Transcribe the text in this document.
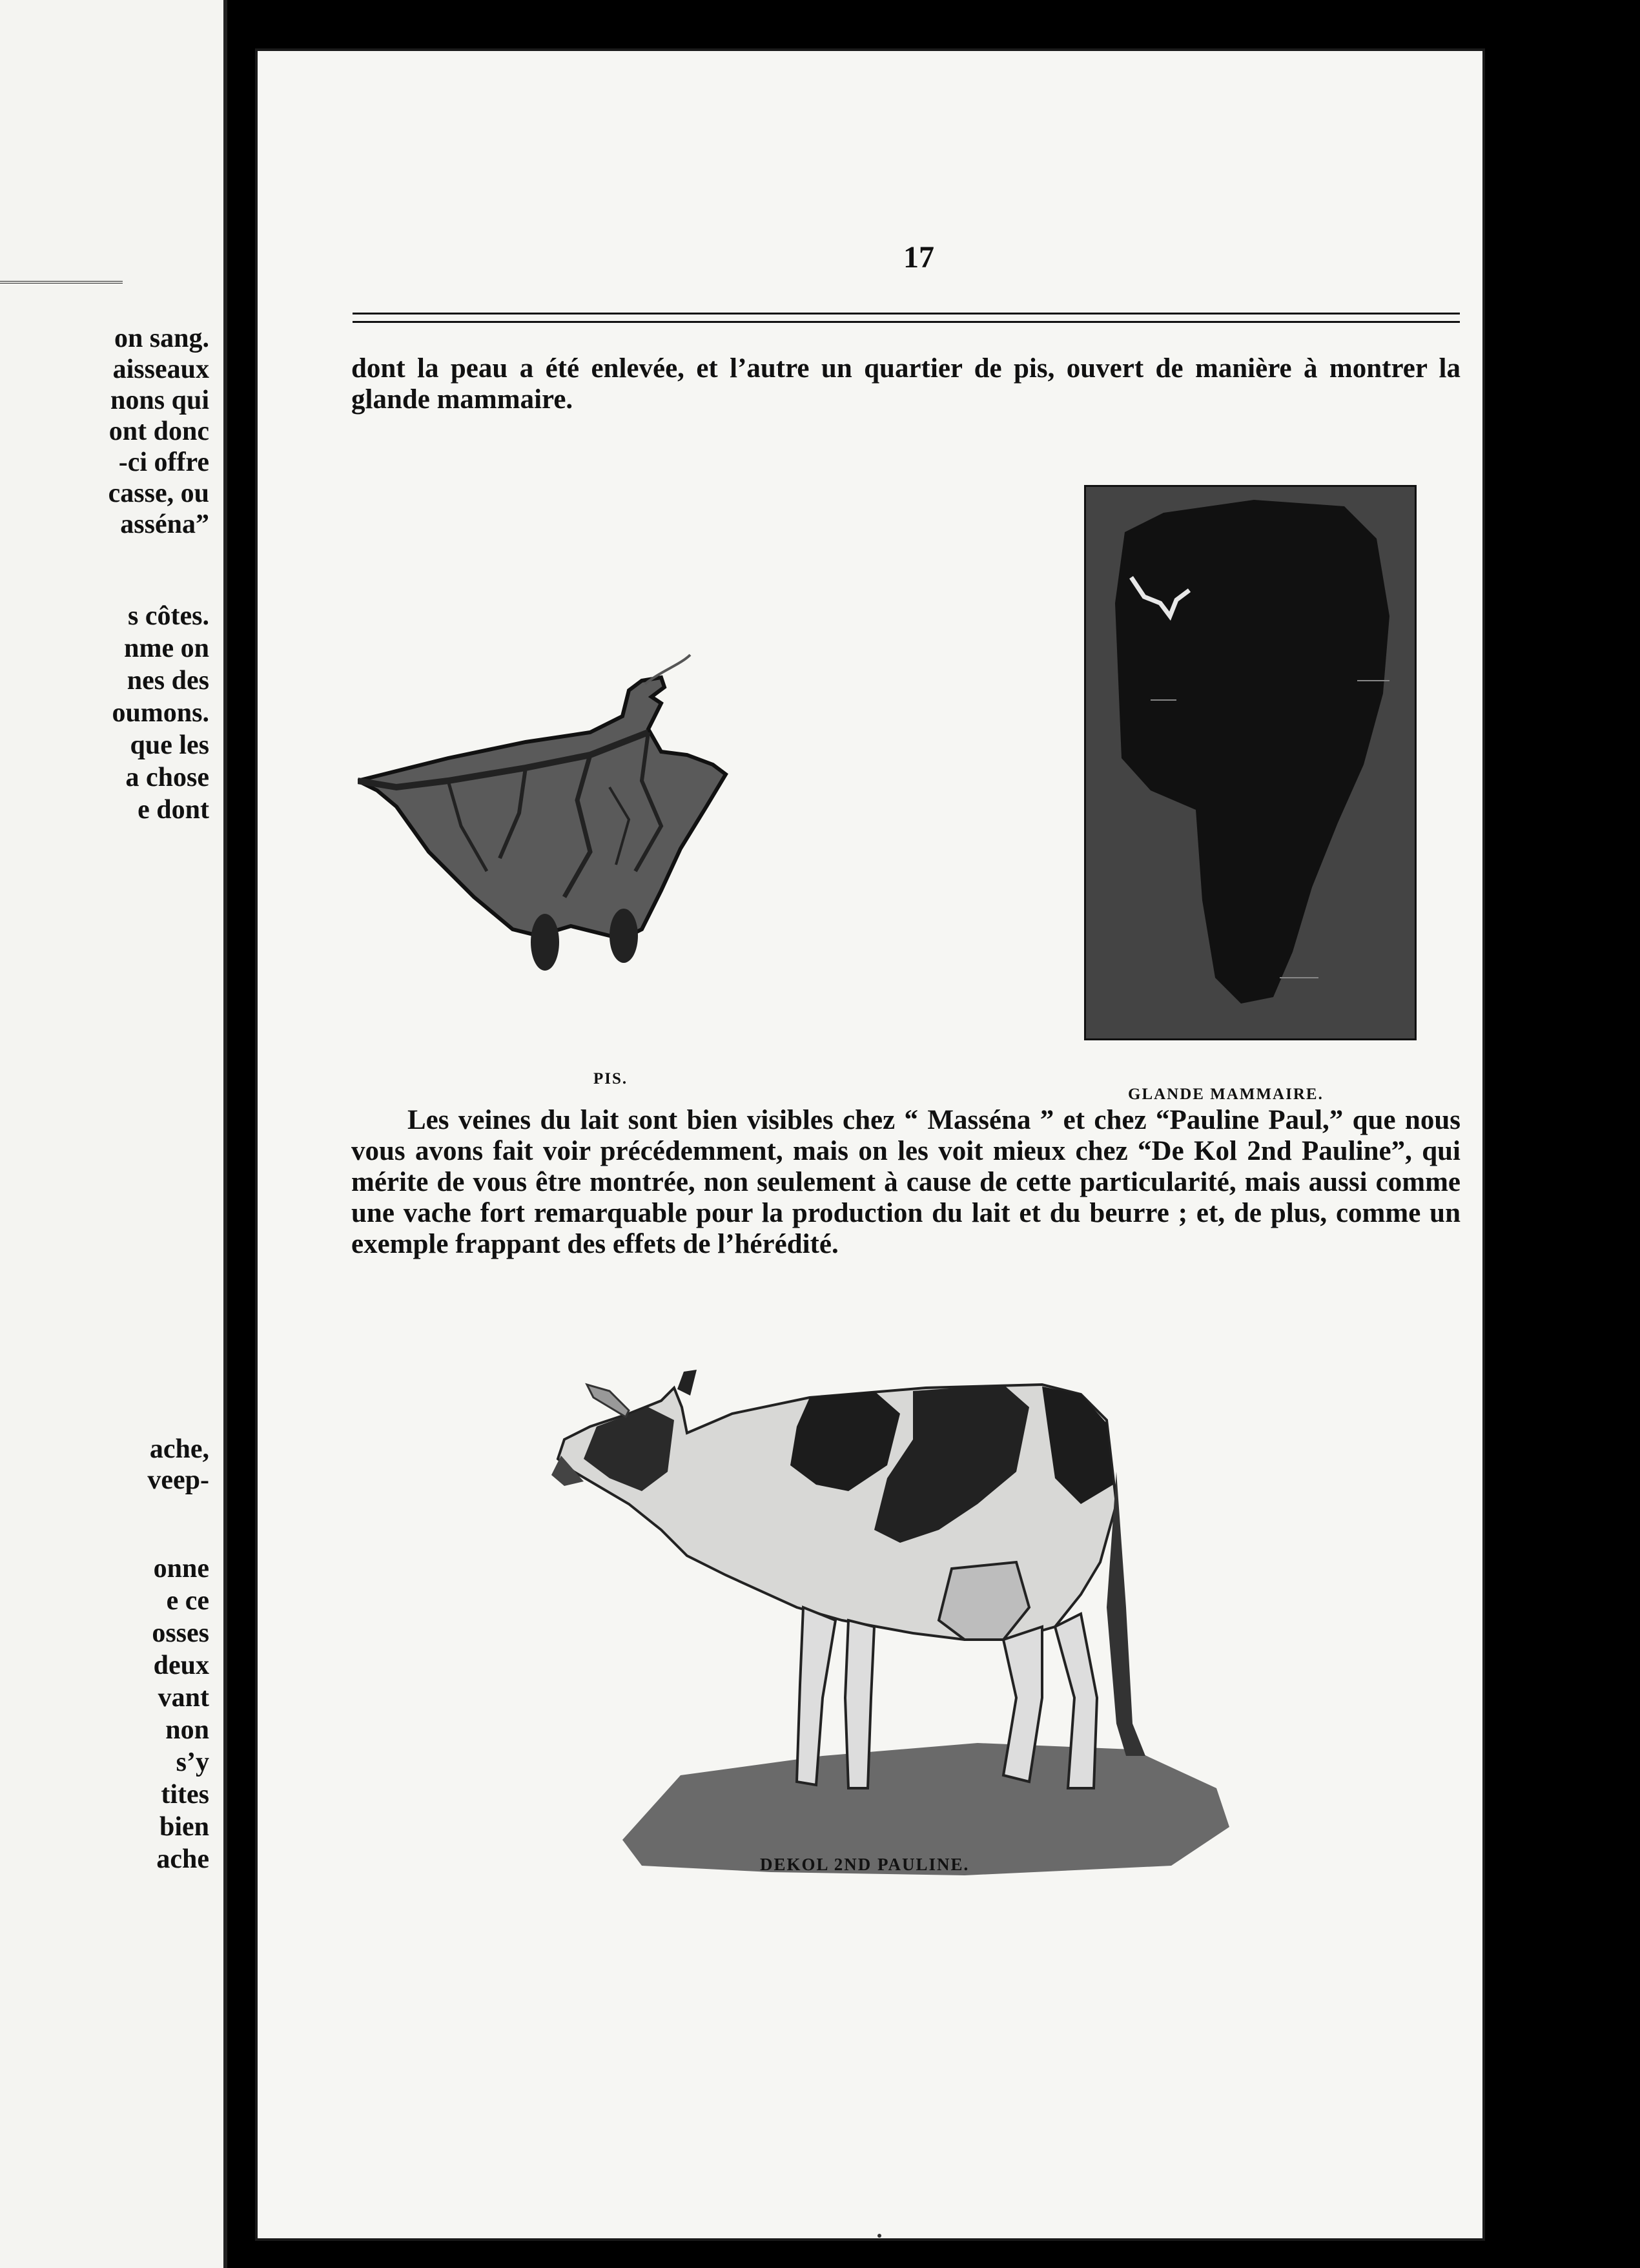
on sang.
aisseaux
nons qui
ont donc
-ci offre
casse, ou
asséna”
s côtes.
nme on
nes des
oumons.
que les
a chose
e dont
ache,
veep-
onne
e ce
osses
deux
vant
non
s’y
tites
bien
ache
17

dont la peau a été enlevée, et l’autre un quartier de pis, ouvert de manière à montrer la glande mammaire.

PIS.

GLANDE MAMMAIRE.

Les veines du lait sont bien visibles chez “ Masséna ” et chez “Pauline Paul,” que nous vous avons fait voir précédemment, mais on les voit mieux chez “De Kol 2nd Pauline”, qui mérite de vous être montrée, non seulement à cause de cette particularité, mais aussi comme une vache fort remarquable pour la production du lait et du beurre ; et, de plus, comme un exemple frappant des effets de l’hérédité.

DEKOL 2ND PAULINE.
